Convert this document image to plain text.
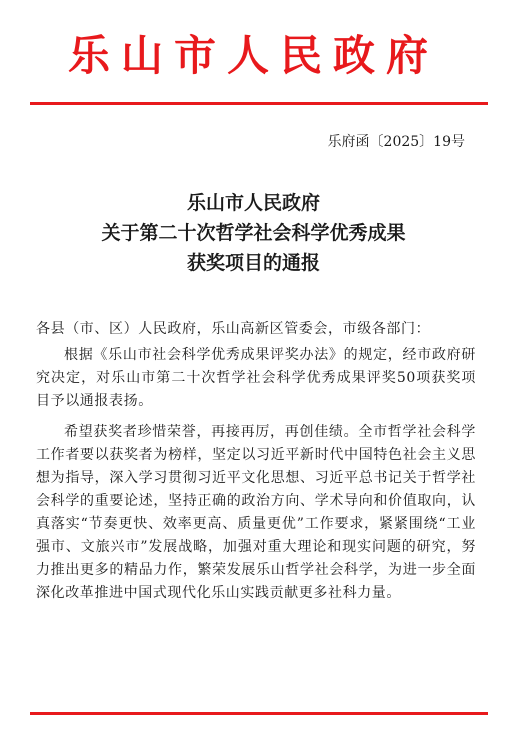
乐山市人民政府
乐府函〔2025〕19号
乐山市人民政府
关于第二十次哲学社会科学优秀成果
获奖项目的通报

各县（市、区）人民政府，乐山高新区管委会，市级各部门：

根据《乐山市社会科学优秀成果评奖办法》的规定，经市政府研究决定，对乐山市第二十次哲学社会科学优秀成果评奖50项获奖项目予以通报表扬。

希望获奖者珍惜荣誉，再接再厉，再创佳绩。全市哲学社会科学工作者要以获奖者为榜样，坚定以习近平新时代中国特色社会主义思想为指导，深入学习贯彻习近平文化思想、习近平总书记关于哲学社会科学的重要论述，坚持正确的政治方向、学术导向和价值取向，认真落实“节奏更快、效率更高、质量更优”工作要求，紧紧围绕“工业强市、文旅兴市”发展战略，加强对重大理论和现实问题的研究，努力推出更多的精品力作，繁荣发展乐山哲学社会科学，为进一步全面深化改革推进中国式现代化乐山实践贡献更多社科力量。
